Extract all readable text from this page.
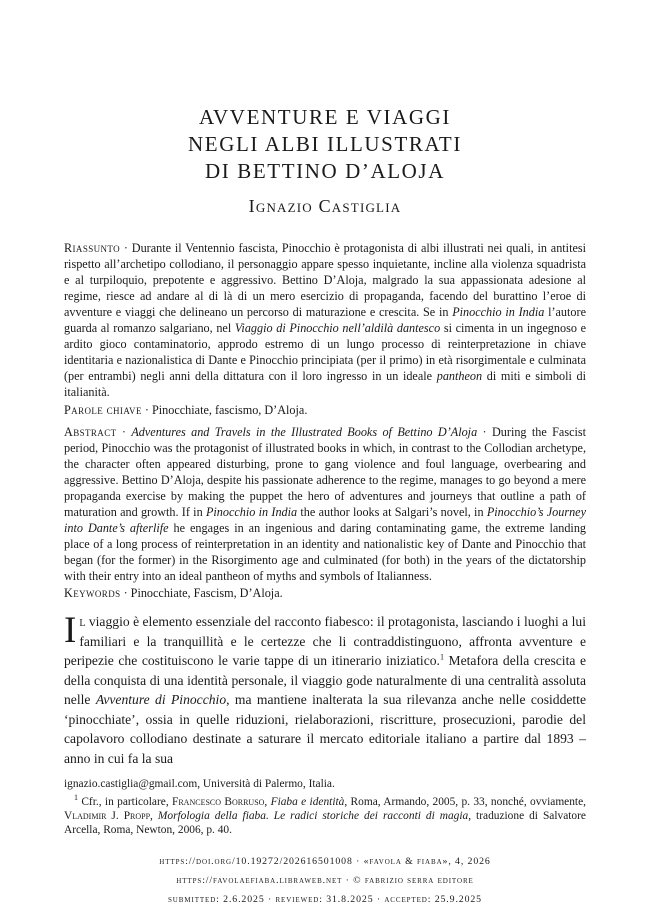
AVVENTURE E VIAGGI
NEGLI ALBI ILLUSTRATI
DI BETTINO D’ALOJA
Ignazio Castiglia
Riassunto · Durante il Ventennio fascista, Pinocchio è protagonista di albi illustrati nei quali, in antitesi rispetto all’archetipo collodiano, il personaggio appare spesso inquietante, incline alla violenza squadrista e al turpiloquio, prepotente e aggressivo. Bettino D’Aloja, malgrado la sua appassionata adesione al regime, riesce ad andare al di là di un mero esercizio di propaganda, facendo del burattino l’eroe di avventure e viaggi che delineano un percorso di maturazione e crescita. Se in Pinocchio in India l’autore guarda al romanzo salgariano, nel Viaggio di Pinocchio nell’aldilà dantesco si cimenta in un ingegnoso e ardito gioco contaminatorio, approdo estremo di un lungo processo di reinterpretazione in chiave identitaria e nazionalistica di Dante e Pinocchio principiata (per il primo) in età risorgimentale e culminata (per entrambi) negli anni della dittatura con il loro ingresso in un ideale pantheon di miti e simboli di italianità.
Parole chiave · Pinocchiate, fascismo, D’Aloja.
Abstract · Adventures and Travels in the Illustrated Books of Bettino D’Aloja · During the Fascist period, Pinocchio was the protagonist of illustrated books in which, in contrast to the Collodian archetype, the character often appeared disturbing, prone to gang violence and foul language, overbearing and aggressive. Bettino D’Aloja, despite his passionate adherence to the regime, manages to go beyond a mere propaganda exercise by making the puppet the hero of adventures and journeys that outline a path of maturation and growth. If in Pinocchio in India the author looks at Salgari’s novel, in Pinocchio’s Journey into Dante’s afterlife he engages in an ingenious and daring contaminating game, the extreme landing place of a long process of reinterpretation in an identity and nationalistic key of Dante and Pinocchio that began (for the former) in the Risorgimento age and culminated (for both) in the years of the dictatorship with their entry into an ideal pantheon of myths and symbols of Italianness.
Keywords · Pinocchiate, Fascism, D’Aloja.
Il viaggio è elemento essenziale del racconto fiabesco: il protagonista, lasciando i luoghi a lui familiari e la tranquillità e le certezze che li contraddistinguono, affronta avventure e peripezie che costituiscono le varie tappe di un itinerario iniziatico.$^1$ Metafora della crescita e della conquista di una identità personale, il viaggio gode naturalmente di una centralità assoluta nelle Avventure di Pinocchio, ma mantiene inalterata la sua rilevanza anche nelle cosiddette ‘pinocchiate’, ossia in quelle riduzioni, rielaborazioni, riscritture, prosecuzioni, parodie del capolavoro collodiano destinate a saturare il mercato editoriale italiano a partire dal 1893 – anno in cui fa la sua
ignazio.castiglia@gmail.com, Università di Palermo, Italia.
$^1$ Cfr., in particolare, Francesco Borruso, Fiaba e identità, Roma, Armando, 2005, p. 33, nonché, ovviamente, Vladimir J. Propp, Morfologia della fiaba. Le radici storiche dei racconti di magia, traduzione di Salvatore Arcella, Roma, Newton, 2006, p. 40.
https://doi.org/10.19272/202616501008 · «favola & fiaba», 4, 2026
https://favolaefiaba.libraweb.net · © fabrizio serra editore
submitted: 2.6.2025 · reviewed: 31.8.2025 · accepted: 25.9.2025
